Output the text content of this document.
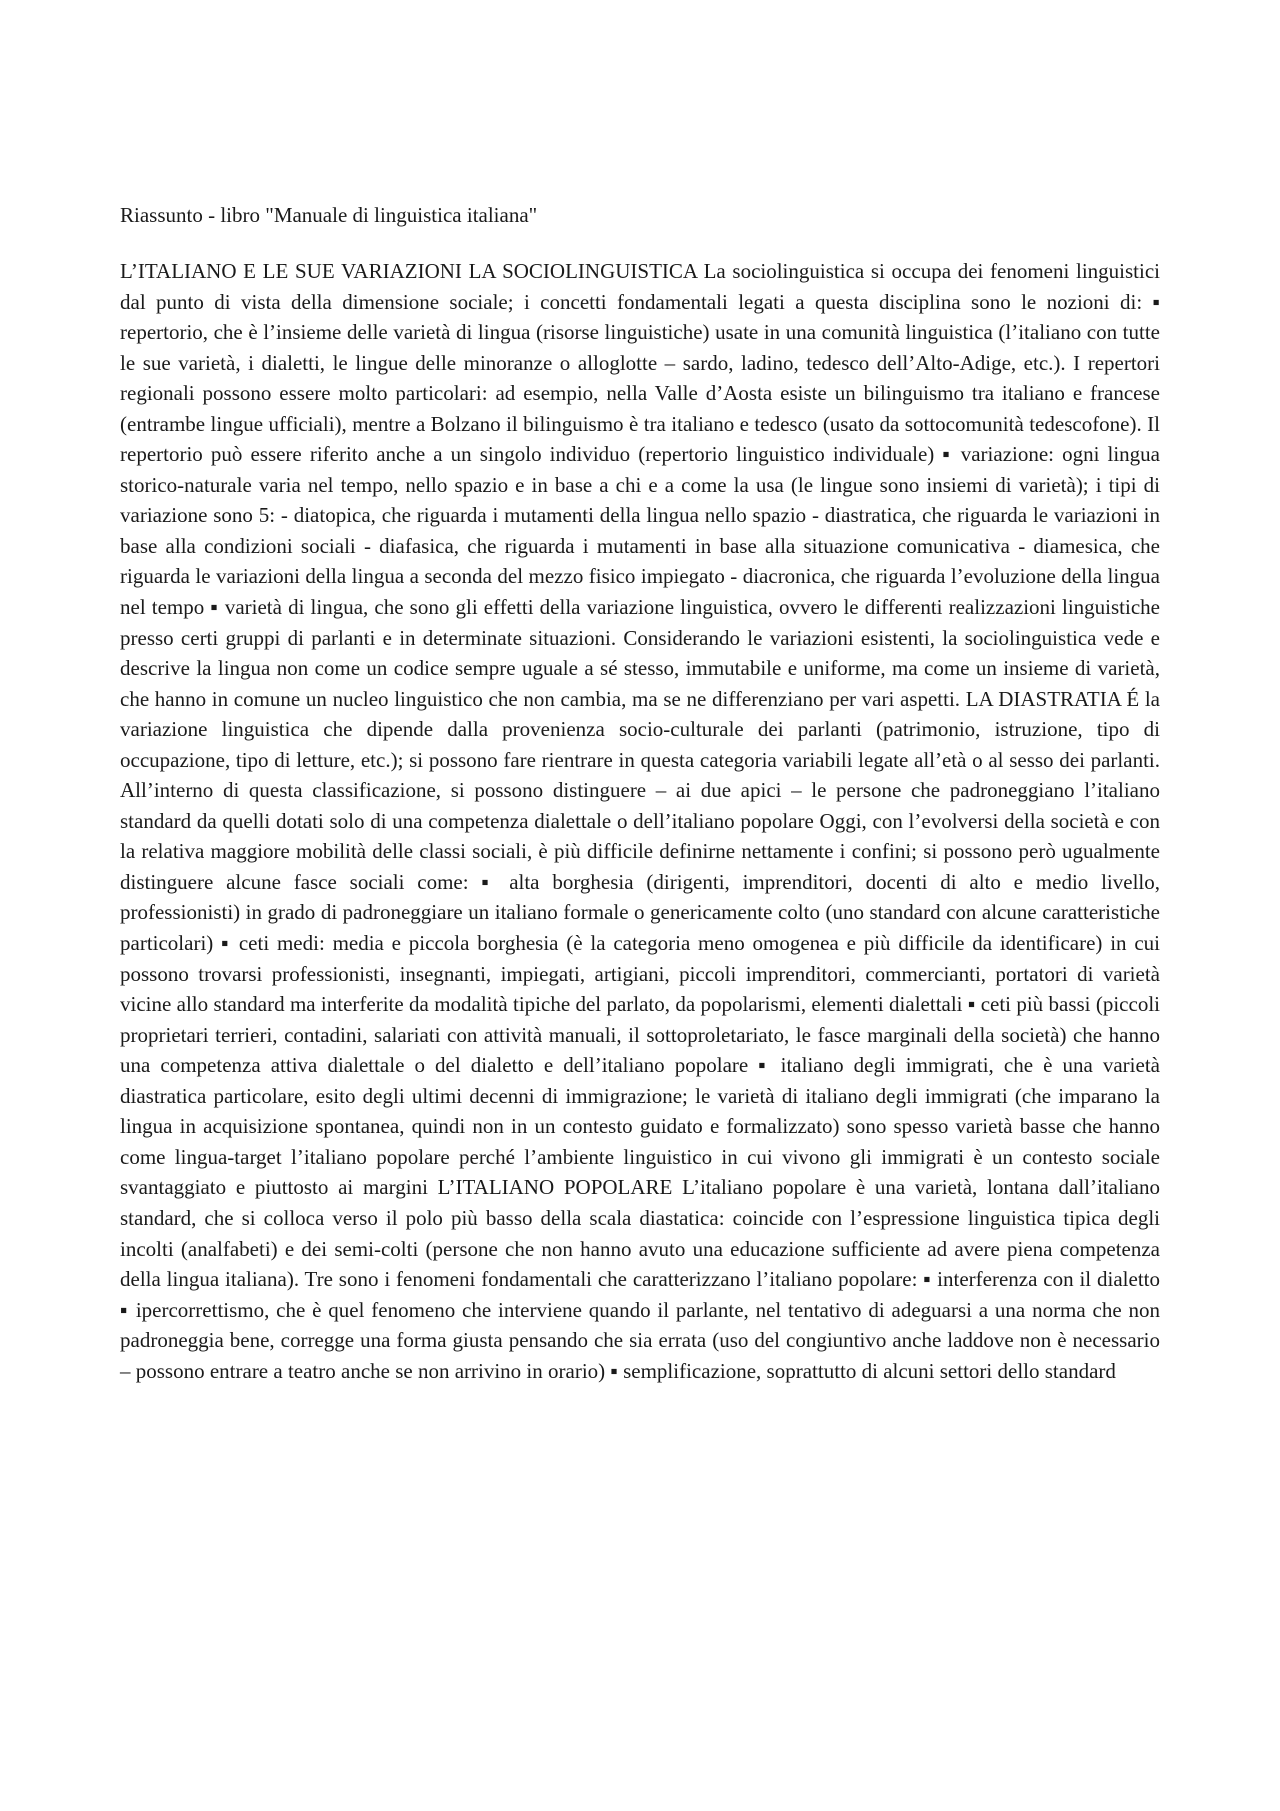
Riassunto - libro "Manuale di linguistica italiana"

L’ITALIANO E LE SUE VARIAZIONI LA SOCIOLINGUISTICA La sociolinguistica si occupa dei fenomeni linguistici dal punto di vista della dimensione sociale; i concetti fondamentali legati a questa disciplina sono le nozioni di: ▪ repertorio, che è l’insieme delle varietà di lingua (risorse linguistiche) usate in una comunità linguistica (l’italiano con tutte le sue varietà, i dialetti, le lingue delle minoranze o alloglotte – sardo, ladino, tedesco dell’Alto-Adige, etc.). I repertori regionali possono essere molto particolari: ad esempio, nella Valle d’Aosta esiste un bilinguismo tra italiano e francese (entrambe lingue ufficiali), mentre a Bolzano il bilinguismo è tra italiano e tedesco (usato da sottocomunità tedescofone). Il repertorio può essere riferito anche a un singolo individuo (repertorio linguistico individuale) ▪ variazione: ogni lingua storico-naturale varia nel tempo, nello spazio e in base a chi e a come la usa (le lingue sono insiemi di varietà); i tipi di variazione sono 5: - diatopica, che riguarda i mutamenti della lingua nello spazio - diastratica, che riguarda le variazioni in base alla condizioni sociali - diafasica, che riguarda i mutamenti in base alla situazione comunicativa - diamesica, che riguarda le variazioni della lingua a seconda del mezzo fisico impiegato - diacronica, che riguarda l’evoluzione della lingua nel tempo ▪ varietà di lingua, che sono gli effetti della variazione linguistica, ovvero le differenti realizzazioni linguistiche presso certi gruppi di parlanti e in determinate situazioni. Considerando le variazioni esistenti, la sociolinguistica vede e descrive la lingua non come un codice sempre uguale a sé stesso, immutabile e uniforme, ma come un insieme di varietà, che hanno in comune un nucleo linguistico che non cambia, ma se ne differenziano per vari aspetti. LA DIASTRATIA É la variazione linguistica che dipende dalla provenienza socio-culturale dei parlanti (patrimonio, istruzione, tipo di occupazione, tipo di letture, etc.); si possono fare rientrare in questa categoria variabili legate all’età o al sesso dei parlanti. All’interno di questa classificazione, si possono distinguere – ai due apici – le persone che padroneggiano l’italiano standard da quelli dotati solo di una competenza dialettale o dell’italiano popolare Oggi, con l’evolversi della società e con la relativa maggiore mobilità delle classi sociali, è più difficile definirne nettamente i confini; si possono però ugualmente distinguere alcune fasce sociali come: ▪ alta borghesia (dirigenti, imprenditori, docenti di alto e medio livello, professionisti) in grado di padroneggiare un italiano formale o genericamente colto (uno standard con alcune caratteristiche particolari) ▪ ceti medi: media e piccola borghesia (è la categoria meno omogenea e più difficile da identificare) in cui possono trovarsi professionisti, insegnanti, impiegati, artigiani, piccoli imprenditori, commercianti, portatori di varietà vicine allo standard ma interferite da modalità tipiche del parlato, da popolarismi, elementi dialettali ▪ ceti più bassi (piccoli proprietari terrieri, contadini, salariati con attività manuali, il sottoproletariato, le fasce marginali della società) che hanno una competenza attiva dialettale o del dialetto e dell’italiano popolare ▪ italiano degli immigrati, che è una varietà diastratica particolare, esito degli ultimi decenni di immigrazione; le varietà di italiano degli immigrati (che imparano la lingua in acquisizione spontanea, quindi non in un contesto guidato e formalizzato) sono spesso varietà basse che hanno come lingua-target l’italiano popolare perché l’ambiente linguistico in cui vivono gli immigrati è un contesto sociale svantaggiato e piuttosto ai margini L’ITALIANO POPOLARE L’italiano popolare è una varietà, lontana dall’italiano standard, che si colloca verso il polo più basso della scala diastatica: coincide con l’espressione linguistica tipica degli incolti (analfabeti) e dei semi-colti (persone che non hanno avuto una educazione sufficiente ad avere piena competenza della lingua italiana). Tre sono i fenomeni fondamentali che caratterizzano l’italiano popolare: ▪ interferenza con il dialetto ▪ ipercorrettismo, che è quel fenomeno che interviene quando il parlante, nel tentativo di adeguarsi a una norma che non padroneggia bene, corregge una forma giusta pensando che sia errata (uso del congiuntivo anche laddove non è necessario – possono entrare a teatro anche se non arrivino in orario) ▪ semplificazione, soprattutto di alcuni settori dello standard
